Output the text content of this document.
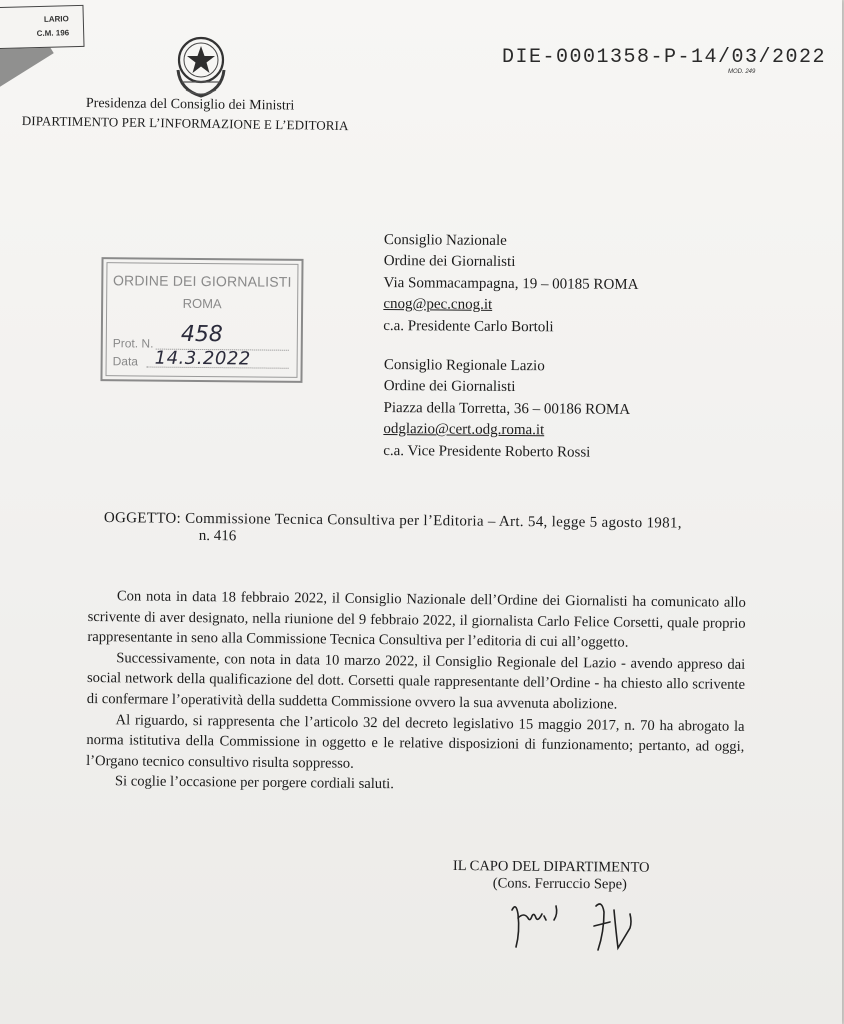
LARIO
C.M. 196
DIE-0001358-P-14/03/2022
MOD. 249
Presidenza del Consiglio dei Ministri
DIPARTIMENTO PER L’INFORMAZIONE E L’EDITORIA
ORDINE DEI GIORNALISTI
ROMA
Prot. N.
Data
458
14.3.2022
Consiglio Nazionale
Ordine dei Giornalisti
Via Sommacampagna, 19 – 00185 ROMA
cnog@pec.cnog.it
c.a. Presidente Carlo Bortoli
Consiglio Regionale Lazio
Ordine dei Giornalisti
Piazza della Torretta, 36 – 00186 ROMA
odglazio@cert.odg.roma.it
c.a. Vice Presidente Roberto Rossi
OGGETTO: Commissione Tecnica Consultiva per l’Editoria – Art. 54, legge 5 agosto 1981,
n. 416

Con nota in data 18 febbraio 2022, il Consiglio Nazionale dell’Ordine dei Giornalisti ha comunicato allo scrivente di aver designato, nella riunione del 9 febbraio 2022, il giornalista Carlo Felice Corsetti, quale proprio rappresentante in seno alla Commissione Tecnica Consultiva per l’editoria di cui all’oggetto.

Successivamente, con nota in data 10 marzo 2022, il Consiglio Regionale del Lazio - avendo appreso dai social network della qualificazione del dott. Corsetti quale rappresentante dell’Ordine - ha chiesto allo scrivente di confermare l’operatività della suddetta Commissione ovvero la sua avvenuta abolizione.

Al riguardo, si rappresenta che l’articolo 32 del decreto legislativo 15 maggio 2017, n. 70 ha abrogato la norma istitutiva della Commissione in oggetto e le relative disposizioni di funzionamento; pertanto, ad oggi, l’Organo tecnico consultivo risulta soppresso.

Si coglie l’occasione per porgere cordiali saluti.

IL CAPO DEL DIPARTIMENTO
(Cons. Ferruccio Sepe)
